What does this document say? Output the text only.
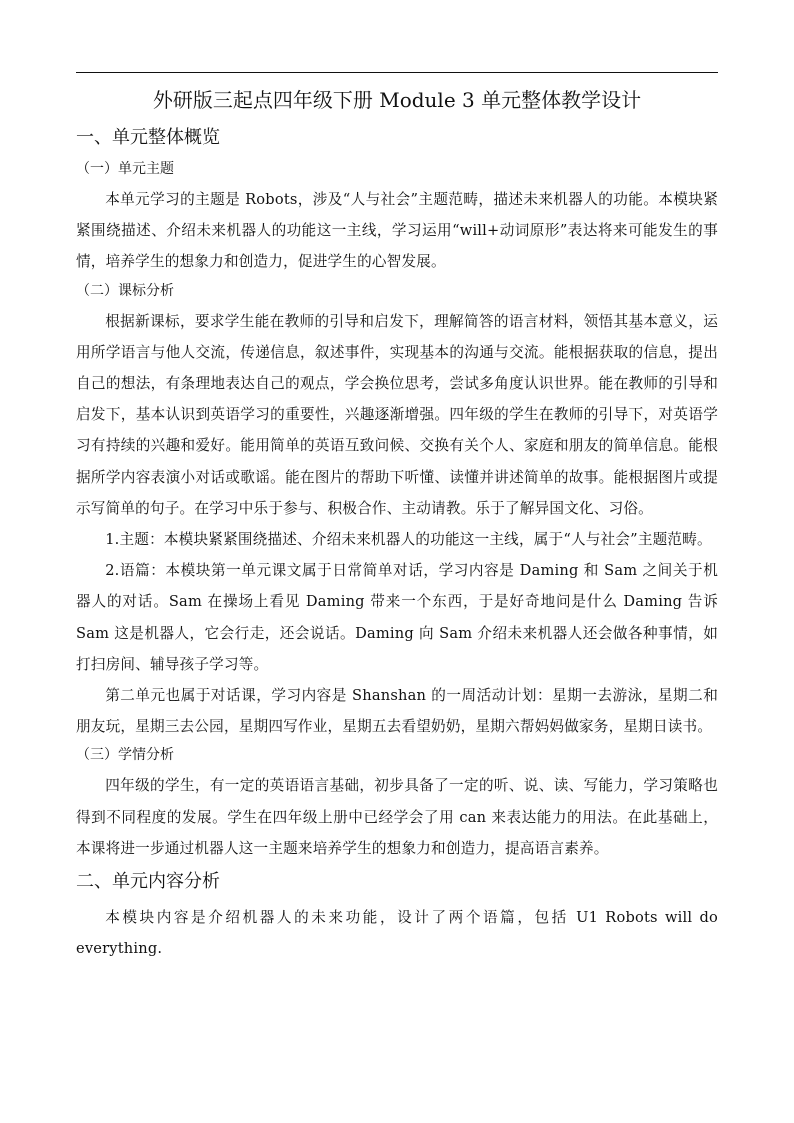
外研版三起点四年级下册 Module 3 单元整体教学设计
一、单元整体概览
（一）单元主题

本单元学习的主题是 Robots，涉及“人与社会”主题范畴，描述未来机器人的功能。本模块紧紧围绕描述、介绍未来机器人的功能这一主线，学习运用“will+动词原形”表达将来可能发生的事情，培养学生的想象力和创造力，促进学生的心智发展。

（二）课标分析

根据新课标，要求学生能在教师的引导和启发下，理解简答的语言材料，领悟其基本意义，运用所学语言与他人交流，传递信息，叙述事件，实现基本的沟通与交流。能根据获取的信息，提出自己的想法，有条理地表达自己的观点，学会换位思考，尝试多角度认识世界。能在教师的引导和启发下，基本认识到英语学习的重要性，兴趣逐渐增强。四年级的学生在教师的引导下，对英语学习有持续的兴趣和爱好。能用简单的英语互致问候、交换有关个人、家庭和朋友的简单信息。能根据所学内容表演小对话或歌谣。能在图片的帮助下听懂、读懂并讲述简单的故事。能根据图片或提示写简单的句子。在学习中乐于参与、积极合作、主动请教。乐于了解异国文化、习俗。

1.主题：本模块紧紧围绕描述、介绍未来机器人的功能这一主线，属于“人与社会”主题范畴。

2.语篇：本模块第一单元课文属于日常简单对话，学习内容是 Daming 和 Sam 之间关于机器人的对话。Sam 在操场上看见 Daming 带来一个东西，于是好奇地问是什么 Daming 告诉 Sam 这是机器人，它会行走，还会说话。Daming 向 Sam 介绍未来机器人还会做各种事情，如打扫房间、辅导孩子学习等。

第二单元也属于对话课，学习内容是 Shanshan 的一周活动计划：星期一去游泳，星期二和朋友玩，星期三去公园，星期四写作业，星期五去看望奶奶，星期六帮妈妈做家务，星期日读书。

（三）学情分析

四年级的学生，有一定的英语语言基础，初步具备了一定的听、说、读、写能力，学习策略也得到不同程度的发展。学生在四年级上册中已经学会了用 can 来表达能力的用法。在此基础上，本课将进一步通过机器人这一主题来培养学生的想象力和创造力，提高语言素养。

二、单元内容分析

本模块内容是介绍机器人的未来功能，设计了两个语篇，包括 U1 Robots will do everything.
